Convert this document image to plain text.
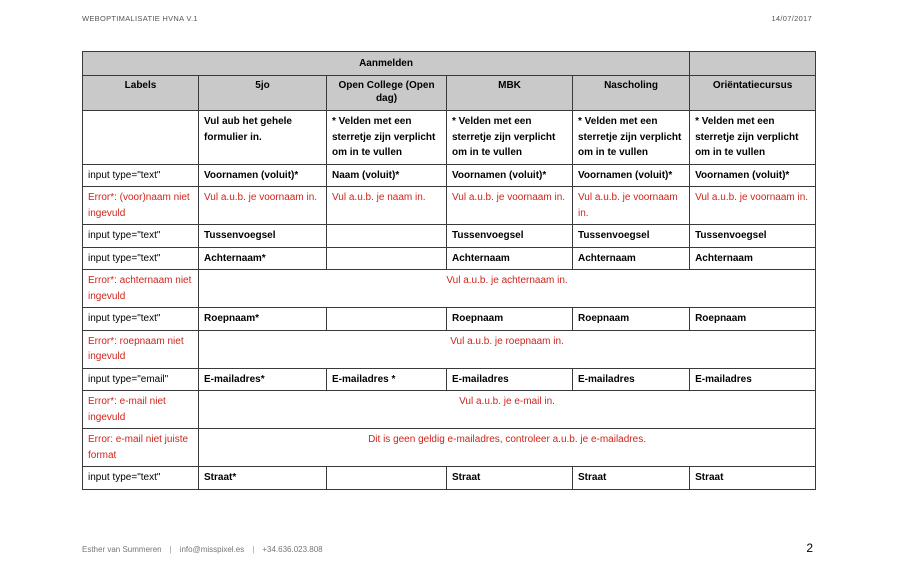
WEBOPTIMALISATIE HVNA V.1	14/07/2017
Aanmelden					
Labels	5jo	Open College (Open dag)	MBK	Nascholing	Oriëntatiecursus
	Vul aub het gehele formulier in.	* Velden met een sterretje zijn verplicht om in te vullen	* Velden met een sterretje zijn verplicht om in te vullen	* Velden met een sterretje zijn verplicht om in te vullen	* Velden met een sterretje zijn verplicht om in te vullen
input type="text"	Voornamen (voluit)*	Naam (voluit)*	Voornamen (voluit)*	Voornamen (voluit)*	Voornamen (voluit)*
Error*: (voor)naam niet ingevuld	Vul a.u.b. je voornaam in.	Vul a.u.b. je naam in.	Vul a.u.b. je voornaam in.	Vul a.u.b. je voornaam in.	Vul a.u.b. je voornaam in.
input type="text"	Tussenvoegsel		Tussenvoegsel	Tussenvoegsel	Tussenvoegsel
input type="text"	Achternaam*		Achternaam	Achternaam	Achternaam
Error*: achternaam niet ingevuld	Vul a.u.b. je achternaam in.				
input type="text"	Roepnaam*		Roepnaam	Roepnaam	Roepnaam
Error*: roepnaam niet ingevuld	Vul a.u.b. je roepnaam in.				
input type="email"	E-mailadres*	E-mailadres *	E-mailadres	E-mailadres	E-mailadres
Error*: e-mail niet ingevuld	Vul a.u.b. je e-mail in.				
Error: e-mail niet juiste format	Dit is geen geldig e-mailadres, controleer a.u.b. je e-mailadres.				
input type="text"	Straat*		Straat	Straat	Straat
Esther van Summeren | info@misspixel.es | +34.636.023.808	2
